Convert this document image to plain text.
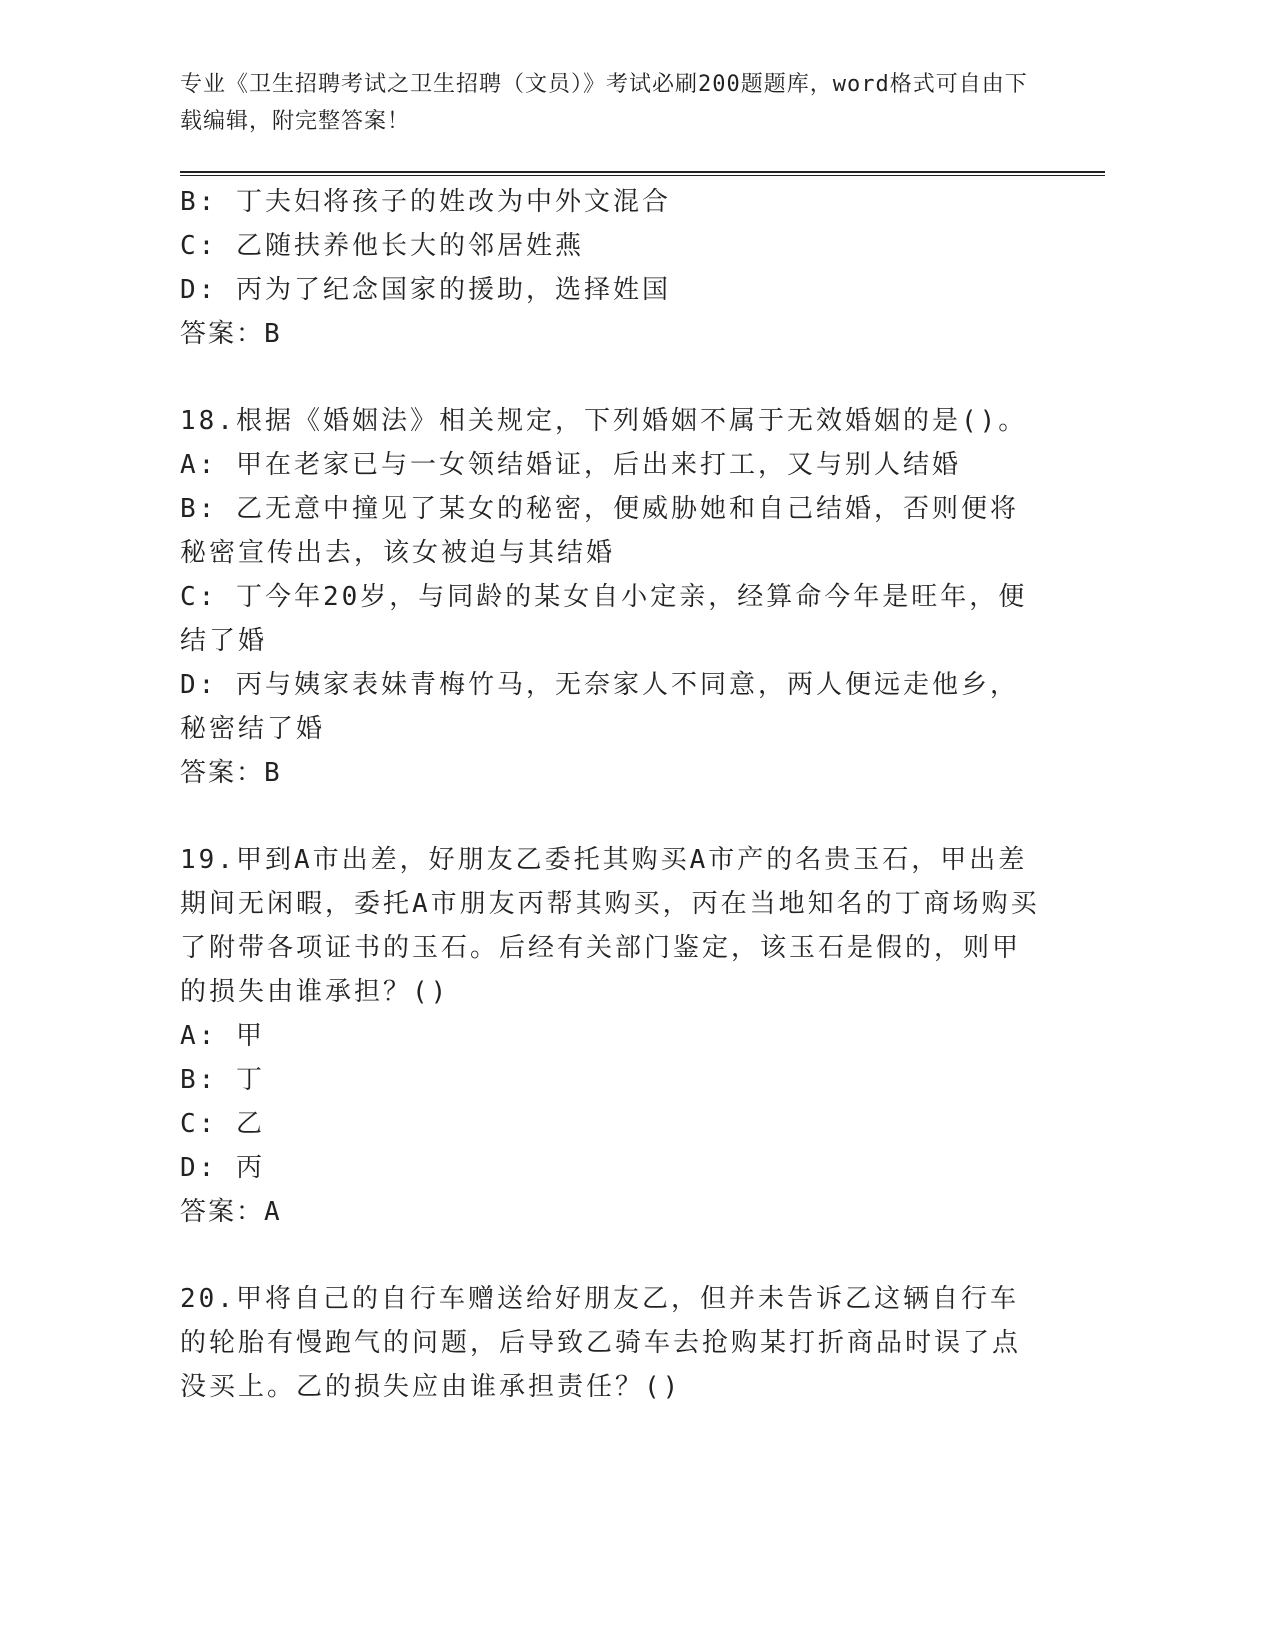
专业《卫生招聘考试之卫生招聘（文员）》考试必刷200题题库，word格式可自由下载编辑，附完整答案！

B: 丁夫妇将孩子的姓改为中外文混合

C: 乙随扶养他长大的邻居姓燕

D: 丙为了纪念国家的援助，选择姓国

答案：B

18.根据《婚姻法》相关规定，下列婚姻不属于无效婚姻的是()。

A: 甲在老家已与一女领结婚证，后出来打工，又与别人结婚

B: 乙无意中撞见了某女的秘密，便威胁她和自己结婚，否则便将秘密宣传出去，该女被迫与其结婚

C: 丁今年20岁，与同龄的某女自小定亲，经算命今年是旺年，便结了婚

D: 丙与姨家表妹青梅竹马，无奈家人不同意，两人便远走他乡，秘密结了婚

答案：B

19.甲到A市出差，好朋友乙委托其购买A市产的名贵玉石，甲出差期间无闲暇，委托A市朋友丙帮其购买，丙在当地知名的丁商场购买了附带各项证书的玉石。后经有关部门鉴定，该玉石是假的，则甲的损失由谁承担？()

A: 甲

B: 丁

C: 乙

D: 丙

答案：A

20.甲将自己的自行车赠送给好朋友乙，但并未告诉乙这辆自行车的轮胎有慢跑气的问题，后导致乙骑车去抢购某打折商品时误了点没买上。乙的损失应由谁承担责任？()
